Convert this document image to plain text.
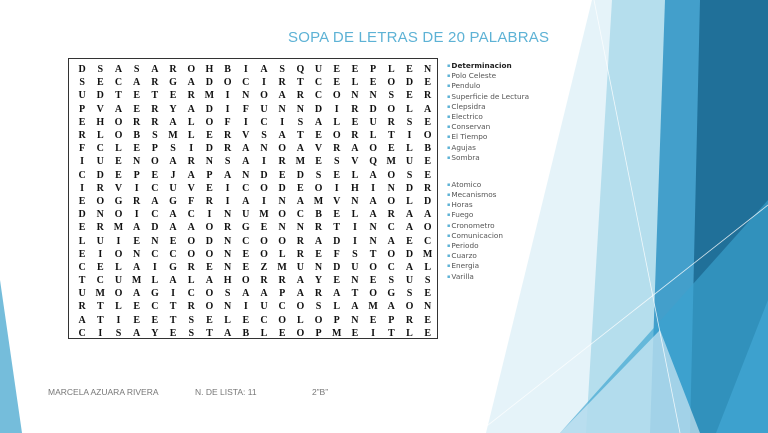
SOPA DE LETRAS DE 20 PALABRAS
D	S	A	S	A	R	O	H	B	I	A	S	Q	U	E	E	P	L	E	N
S	E	C	A	R	G	A	D	O	C	I	R	T	C	E	L	E	O	D	E
U	D	T	E	T	E	R	M	I	N	O	A	R	C	O	N	N	S	E	R
P	V	A	E	R	Y	A	D	I	F	U	N	N	D	I	R	D	O	L	A
E	H	O	R	R	A	L	O	F	I	C	I	S	A	L	E	U	R	S	E
R	L	O	B	S	M	L	E	R	V	S	A	T	E	O	R	L	T	I	O
F	C	L	E	P	S	I	D	R	A	N	O	A	V	R	A	O	E	L	B
I	U	E	N	O	A	R	N	S	A	I	R	M	E	S	V	Q	M	U	E
C	D	E	P	E	J	A	P	A	N	D	E	D	S	E	L	A	O	S	E
I	R	V	I	C	U	V	E	I	C	O	D	E	O	I	H	I	N	D	R
E	O	G	R	A	G	F	R	I	A	I	N	A	M	V	N	A	O	L	D
D	N	O	I	C	A	C	I	N	U	M	O	C	B	E	L	A	R	A	A
E	R	M	A	D	A	A	O	R	G	E	N	N	R	T	I	N	C	A	O
L	U	I	E	N	E	O	D	N	C	O	O	R	A	D	I	N	A	E	C
E	I	O	N	C	C	O	O	N	E	O	L	R	E	F	S	T	O	D	M
C	E	L	A	I	G	R	E	N	E	Z	M	U	N	D	U	O	C	A	L
T	C	U	M	L	A	L	A	H	O	R	R	A	Y	E	N	E	S	U	S
U	M	O	A	G	I	C	O	S	A	A	P	A	R	A	T	O	G	S	E
R	T	L	E	C	T	R	O	N	I	U	C	O	S	L	A	M	A	O	N
A	T	I	E	E	T	S	E	L	E	C	O	L	O	P	N	E	P	R	E
C	I	S	A	Y	E	S	T	A	B	L	E	O	P	M	E	I	T	L	E
▪Determinacion
▪Polo Celeste
▪Pendulo
▪Superficie de Lectura
▪Clepsidra
▪Electrico
▪Conservan
▪El Tiempo
▪Agujas
▪Sombra
▪Atomico
▪Mecanismos
▪Horas
▪Fuego
▪Cronometro
▪Comunicacion
▪Periodo
▪Cuarzo
▪Energia
▪Varilla
MARCELA AZUARA RIVERA	N. DE LISTA: 11	2”B”
